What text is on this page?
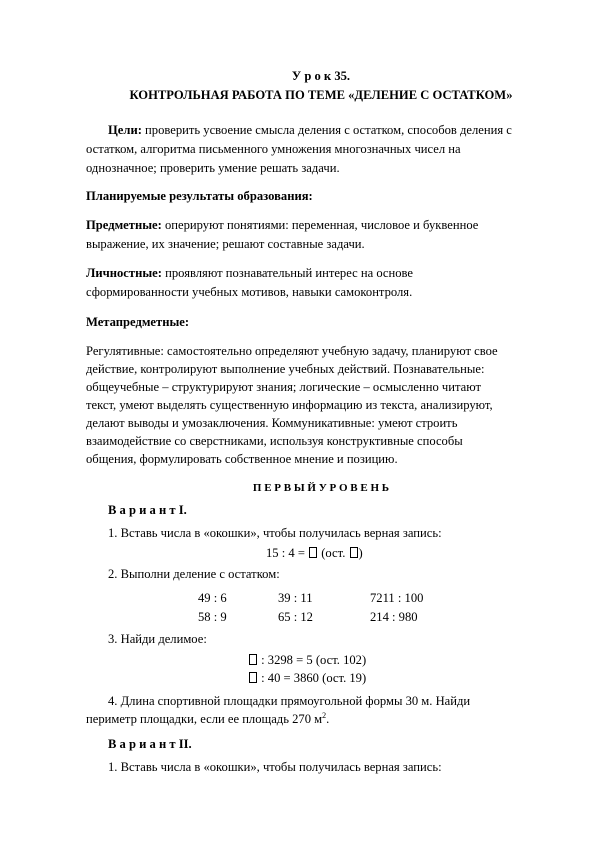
У р о к 35.
КОНТРОЛЬНАЯ РАБОТА ПО ТЕМЕ «ДЕЛЕНИЕ С ОСТАТКОМ»
Цели: проверить усвоение смысла деления с остатком, способов деления с
остатком, алгоритма письменного умножения многозначных чисел на
однозначное; проверить умение решать задачи.
Планируемые результаты образования:
Предметные: оперируют понятиями: переменная, числовое и буквенное
выражение, их значение; решают составные задачи.
Личностные: проявляют познавательный интерес на основе
сформированности учебных мотивов, навыки самоконтроля.
Метапредметные:
Регулятивные: самостоятельно определяют учебную задачу, планируют свое
действие, контролируют выполнение учебных действий. Познавательные:
общеучебные – структурируют знания; логические – осмысленно читают
текст, умеют выделять существенную информацию из текста, анализируют,
делают выводы и умозаключения. Коммуникативные: умеют строить
взаимодействие со сверстниками, используя конструктивные способы
общения, формулировать собственное мнение и позицию.
П Е Р В Ы Й У Р О В Е Н Ь
В а р и а н т I.
1. Вставь числа в «окошки», чтобы получилась верная запись:
15 : 4 =  (ост. )
2. Выполни деление с остатком:
49 : 6	39 : 11	7211 : 100
58 : 9	65 : 12	214 : 980
3. Найди делимое:
: 3298 = 5 (ост. 102)
: 40 = 3860 (ост. 19)
4. Длина спортивной площадки прямоугольной формы 30 м. Найди
периметр площадки, если ее площадь 270 $м^2$.
В а р и а н т II.
1. Вставь числа в «окошки», чтобы получилась верная запись:
